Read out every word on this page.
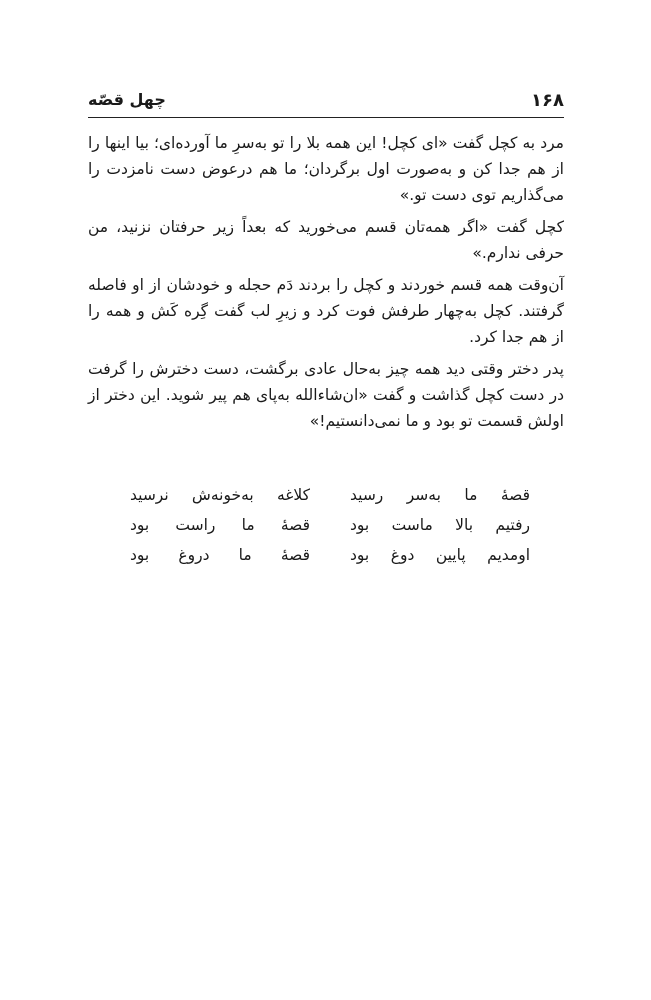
۱۶۸
چهل قصّه

مرد به کچل گفت «ای کچل! این همه بلا را تو به‌سرِ ما آورده‌ای؛ بیا اینها را از هم جدا کن و به‌صورت اول برگردان؛ ما هم درعوض دست نامزدت را می‌گذاریم توی دست تو.»

کچل گفت «اگر همه‌تان قسم می‌خورید که بعداً زیر حرفتان نزنید، من حرفی ندارم.»

آن‌وقت همه قسم خوردند و کچل را بردند دَم حجله و خودشان از او فاصله گرفتند. کچل به‌چهار طرفش فوت کرد و زیرِ لب گفت گِره کَش و همه را از هم جدا کرد.

پدر دختر وقتی دید همه چیز به‌حال عادی برگشت، دست دخترش را گرفت در دست کچل گذاشت و گفت «ان‌شاءالله به‌پای هم پیر شوید. این دختر از اولش قسمت تو بود و ما نمی‌دانستیم!»

قصهٔ ما به‌سر رسید
کلاغه به‌خونه‌ش نرسید
رفتیم بالا ماست بود
قصهٔ ما راست بود
اومدیم پایین دوغ بود
قصهٔ ما دروغ بود
